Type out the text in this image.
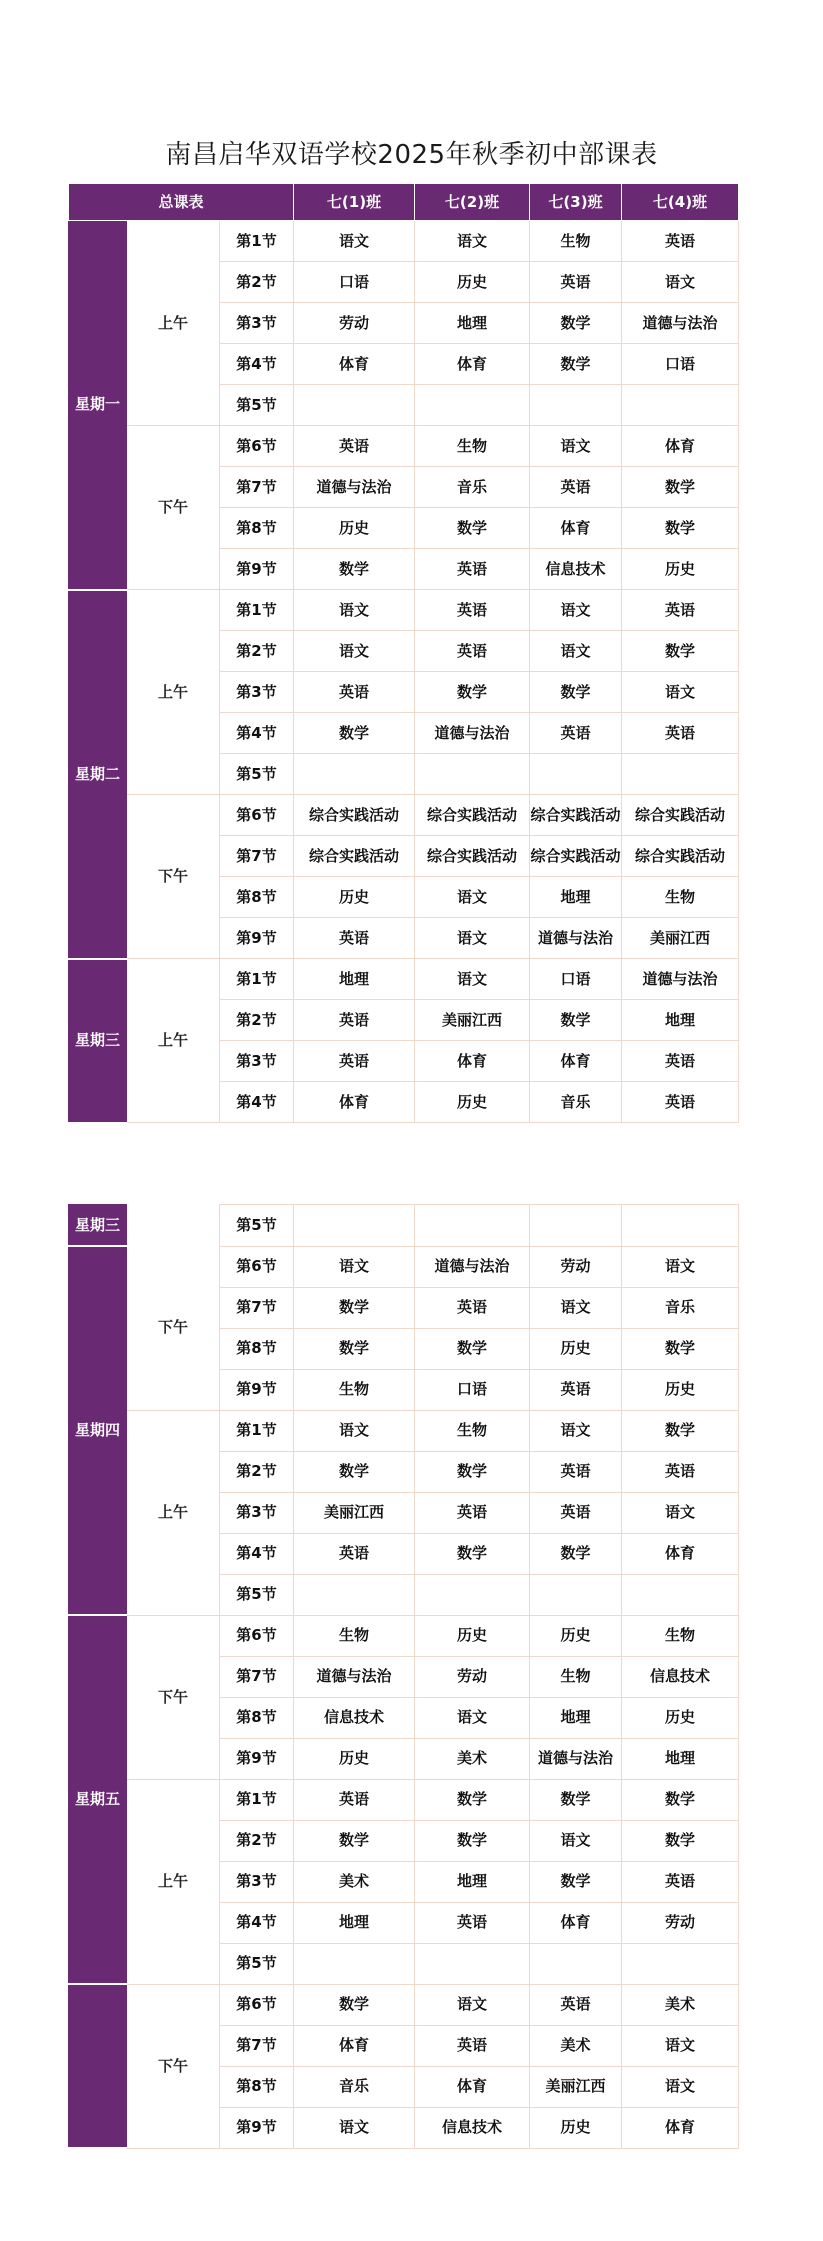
南昌启华双语学校2025年秋季初中部课表
总课表			七(1)班	七(2)班	七(3)班	七(4)班
星期一	上午	第1节	语文	语文	生物	英语
		第2节	口语	历史	英语	语文
		第3节	劳动	地理	数学	道德与法治
		第4节	体育	体育	数学	口语
		第5节				
	下午	第6节	英语	生物	语文	体育
		第7节	道德与法治	音乐	英语	数学
		第8节	历史	数学	体育	数学
		第9节	数学	英语	信息技术	历史
星期二	上午	第1节	语文	英语	语文	英语
		第2节	语文	英语	语文	数学
		第3节	英语	数学	数学	语文
		第4节	数学	道德与法治	英语	英语
		第5节				
	下午	第6节	综合实践活动	综合实践活动	综合实践活动	综合实践活动
		第7节	综合实践活动	综合实践活动	综合实践活动	综合实践活动
		第8节	历史	语文	地理	生物
		第9节	英语	语文	道德与法治	美丽江西
星期三	上午	第1节	地理	语文	口语	道德与法治
		第2节	英语	美丽江西	数学	地理
		第3节	英语	体育	体育	英语
		第4节	体育	历史	音乐	英语
星期三		第5节				
星期四	下午	第6节	语文	道德与法治	劳动	语文
		第7节	数学	英语	语文	音乐
		第8节	数学	数学	历史	数学
		第9节	生物	口语	英语	历史
	上午	第1节	语文	生物	语文	数学
		第2节	数学	数学	英语	英语
		第3节	美丽江西	英语	英语	语文
		第4节	英语	数学	数学	体育
		第5节				
星期五	下午	第6节	生物	历史	历史	生物
		第7节	道德与法治	劳动	生物	信息技术
		第8节	信息技术	语文	地理	历史
		第9节	历史	美术	道德与法治	地理
	上午	第1节	英语	数学	数学	数学
		第2节	数学	数学	语文	数学
		第3节	美术	地理	数学	英语
		第4节	地理	英语	体育	劳动
		第5节				
	下午	第6节	数学	语文	英语	美术
		第7节	体育	英语	美术	语文
		第8节	音乐	体育	美丽江西	语文
		第9节	语文	信息技术	历史	体育
